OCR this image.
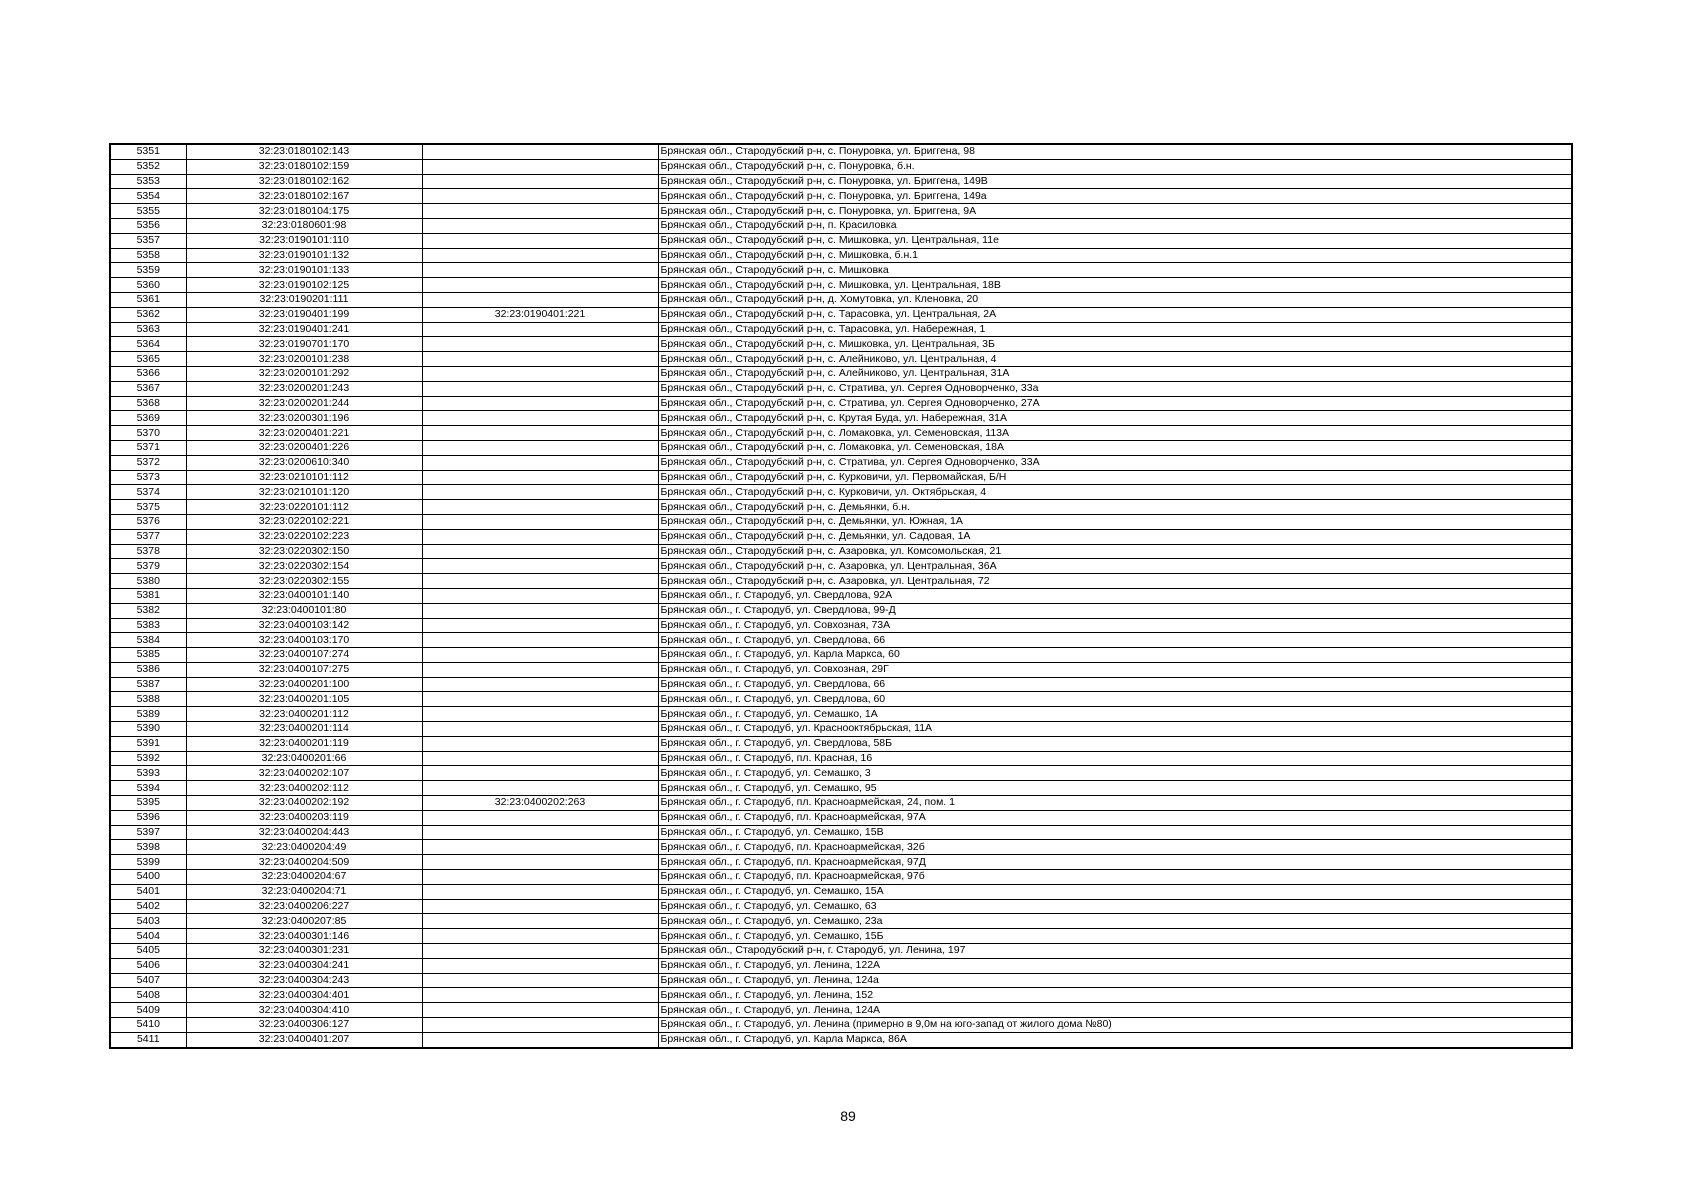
5351	32:23:0180102:143		Брянская обл., Стародубский р-н, с. Понуровка, ул. Бриггена, 98
5352	32:23:0180102:159		Брянская обл., Стародубский р-н, с. Понуровка, б.н.
5353	32:23:0180102:162		Брянская обл., Стародубский р-н, с. Понуровка, ул. Бриггена, 149В
5354	32:23:0180102:167		Брянская обл., Стародубский р-н, с. Понуровка, ул. Бриггена, 149а
5355	32:23:0180104:175		Брянская обл., Стародубский р-н, с. Понуровка, ул. Бриггена, 9А
5356	32:23:0180601:98		Брянская обл., Стародубский р-н, п. Красиловка
5357	32:23:0190101:110		Брянская обл., Стародубский р-н, с. Мишковка, ул. Центральная, 11е
5358	32:23:0190101:132		Брянская обл., Стародубский р-н, с. Мишковка, б.н.1
5359	32:23:0190101:133		Брянская обл., Стародубский р-н, с. Мишковка
5360	32:23:0190102:125		Брянская обл., Стародубский р-н, с. Мишковка, ул. Центральная, 18В
5361	32:23:0190201:111		Брянская обл., Стародубский р-н, д. Хомутовка, ул. Кленовка, 20
5362	32:23:0190401:199	32:23:0190401:221	Брянская обл., Стародубский р-н, с. Тарасовка, ул. Центральная, 2А
5363	32:23:0190401:241		Брянская обл., Стародубский р-н, с. Тарасовка, ул. Набережная, 1
5364	32:23:0190701:170		Брянская обл., Стародубский р-н, с. Мишковка, ул. Центральная, 3Б
5365	32:23:0200101:238		Брянская обл., Стародубский р-н, с. Алейниково, ул. Центральная, 4
5366	32:23:0200101:292		Брянская обл., Стародубский р-н, с. Алейниково, ул. Центральная, 31А
5367	32:23:0200201:243		Брянская обл., Стародубский р-н, с. Стратива, ул. Сергея Одноворченко, 33а
5368	32:23:0200201:244		Брянская обл., Стародубский р-н, с. Стратива, ул. Сергея Одноворченко, 27А
5369	32:23:0200301:196		Брянская обл., Стародубский р-н, с. Крутая Буда, ул. Набережная, 31А
5370	32:23:0200401:221		Брянская обл., Стародубский р-н, с. Ломаковка, ул. Семеновская, 113А
5371	32:23:0200401:226		Брянская обл., Стародубский р-н, с. Ломаковка, ул. Семеновская, 18А
5372	32:23:0200610:340		Брянская обл., Стародубский р-н, с. Стратива, ул. Сергея Одноворченко, 33А
5373	32:23:0210101:112		Брянская обл., Стародубский р-н, с. Курковичи, ул. Первомайская, Б/Н
5374	32:23:0210101:120		Брянская обл., Стародубский р-н, с. Курковичи, ул. Октябрьская, 4
5375	32:23:0220101:112		Брянская обл., Стародубский р-н, с. Демьянки, б.н.
5376	32:23:0220102:221		Брянская обл., Стародубский р-н, с. Демьянки, ул. Южная, 1А
5377	32:23:0220102:223		Брянская обл., Стародубский р-н, с. Демьянки, ул. Садовая, 1А
5378	32:23:0220302:150		Брянская обл., Стародубский р-н, с. Азаровка, ул. Комсомольская, 21
5379	32:23:0220302:154		Брянская обл., Стародубский р-н, с. Азаровка, ул. Центральная, 36А
5380	32:23:0220302:155		Брянская обл., Стародубский р-н, с. Азаровка, ул. Центральная, 72
5381	32:23:0400101:140		Брянская обл., г. Стародуб, ул. Свердлова, 92А
5382	32:23:0400101:80		Брянская обл., г. Стародуб, ул. Свердлова, 99-Д
5383	32:23:0400103:142		Брянская обл., г. Стародуб, ул. Совхозная, 73А
5384	32:23:0400103:170		Брянская обл., г. Стародуб, ул. Свердлова, 66
5385	32:23:0400107:274		Брянская обл., г. Стародуб, ул. Карла Маркса, 60
5386	32:23:0400107:275		Брянская обл., г. Стародуб, ул. Совхозная, 29Г
5387	32:23:0400201:100		Брянская обл., г. Стародуб, ул. Свердлова, 66
5388	32:23:0400201:105		Брянская обл., г. Стародуб, ул. Свердлова, 60
5389	32:23:0400201:112		Брянская обл., г. Стародуб, ул. Семашко, 1А
5390	32:23:0400201:114		Брянская обл., г. Стародуб, ул. Краснооктябрьская, 11А
5391	32:23:0400201:119		Брянская обл., г. Стародуб, ул. Свердлова, 58Б
5392	32:23:0400201:66		Брянская обл., г. Стародуб, пл. Красная, 16
5393	32:23:0400202:107		Брянская обл., г. Стародуб, ул. Семашко, 3
5394	32:23:0400202:112		Брянская обл., г. Стародуб, ул. Семашко, 95
5395	32:23:0400202:192	32:23:0400202:263	Брянская обл., г. Стародуб, пл. Красноармейская, 24, пом. 1
5396	32:23:0400203:119		Брянская обл., г. Стародуб, пл. Красноармейская, 97А
5397	32:23:0400204:443		Брянская обл., г. Стародуб, ул. Семашко, 15В
5398	32:23:0400204:49		Брянская обл., г. Стародуб, пл. Красноармейская, 32б
5399	32:23:0400204:509		Брянская обл., г. Стародуб, пл. Красноармейская, 97Д
5400	32:23:0400204:67		Брянская обл., г. Стародуб, пл. Красноармейская, 97б
5401	32:23:0400204:71		Брянская обл., г. Стародуб, ул. Семашко, 15А
5402	32:23:0400206:227		Брянская обл., г. Стародуб, ул. Семашко, 63
5403	32:23:0400207:85		Брянская обл., г. Стародуб, ул. Семашко, 23а
5404	32:23:0400301:146		Брянская обл., г. Стародуб, ул. Семашко, 15Б
5405	32:23:0400301:231		Брянская обл., Стародубский р-н, г. Стародуб, ул. Ленина, 197
5406	32:23:0400304:241		Брянская обл., г. Стародуб, ул. Ленина, 122А
5407	32:23:0400304:243		Брянская обл., г. Стародуб, ул. Ленина, 124а
5408	32:23:0400304:401		Брянская обл., г. Стародуб, ул. Ленина, 152
5409	32:23:0400304:410		Брянская обл., г. Стародуб, ул. Ленина, 124А
5410	32:23:0400306:127		Брянская обл., г. Стародуб, ул. Ленина (примерно в 9,0м на юго-запад от жилого дома №80)
5411	32:23:0400401:207		Брянская обл., г. Стародуб, ул. Карла Маркса, 86А
89
